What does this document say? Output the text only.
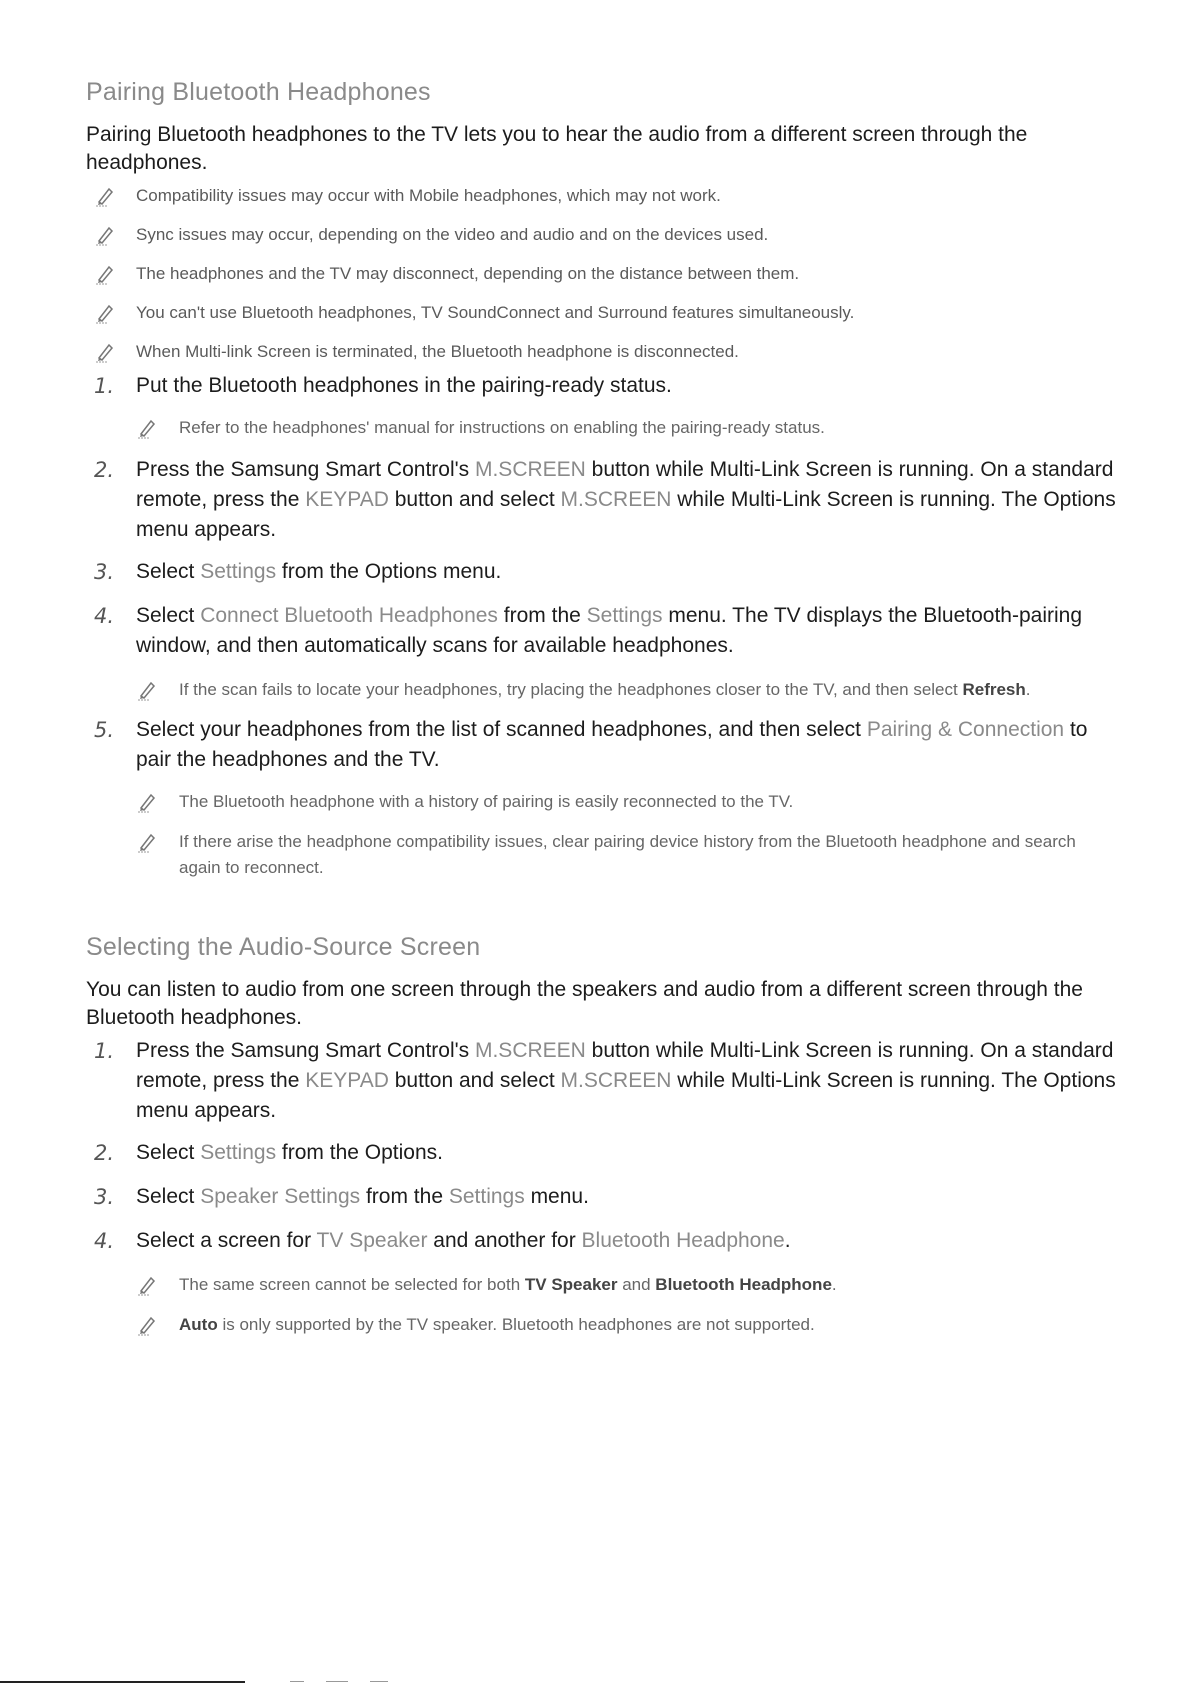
Pairing Bluetooth Headphones

Pairing Bluetooth headphones to the TV lets you to hear the audio from a different screen through the headphones.

Compatibility issues may occur with Mobile headphones, which may not work.
Sync issues may occur, depending on the video and audio and on the devices used.
The headphones and the TV may disconnect, depending on the distance between them.
You can't use Bluetooth headphones, TV SoundConnect and Surround features simultaneously.
When Multi-link Screen is terminated, the Bluetooth headphone is disconnected.
1. Put the Bluetooth headphones in the pairing-ready status.
Refer to the headphones' manual for instructions on enabling the pairing-ready status.
2. Press the Samsung Smart Control's M.SCREEN button while Multi-Link Screen is running. On a standard remote, press the KEYPAD button and select M.SCREEN while Multi-Link Screen is running. The Options menu appears.
3. Select Settings from the Options menu.
4. Select Connect Bluetooth Headphones from the Settings menu. The TV displays the Bluetooth-pairing window, and then automatically scans for available headphones.
If the scan fails to locate your headphones, try placing the headphones closer to the TV, and then select Refresh.
5. Select your headphones from the list of scanned headphones, and then select Pairing & Connection to pair the headphones and the TV.
The Bluetooth headphone with a history of pairing is easily reconnected to the TV.
If there arise the headphone compatibility issues, clear pairing device history from the Bluetooth headphone and search again to reconnect.
Selecting the Audio-Source Screen

You can listen to audio from one screen through the speakers and audio from a different screen through the Bluetooth headphones.

1. Press the Samsung Smart Control's M.SCREEN button while Multi-Link Screen is running. On a standard remote, press the KEYPAD button and select M.SCREEN while Multi-Link Screen is running. The Options menu appears.
2. Select Settings from the Options.
3. Select Speaker Settings from the Settings menu.
4. Select a screen for TV Speaker and another for Bluetooth Headphone.
The same screen cannot be selected for both TV Speaker and Bluetooth Headphone.
Auto is only supported by the TV speaker. Bluetooth headphones are not supported.
